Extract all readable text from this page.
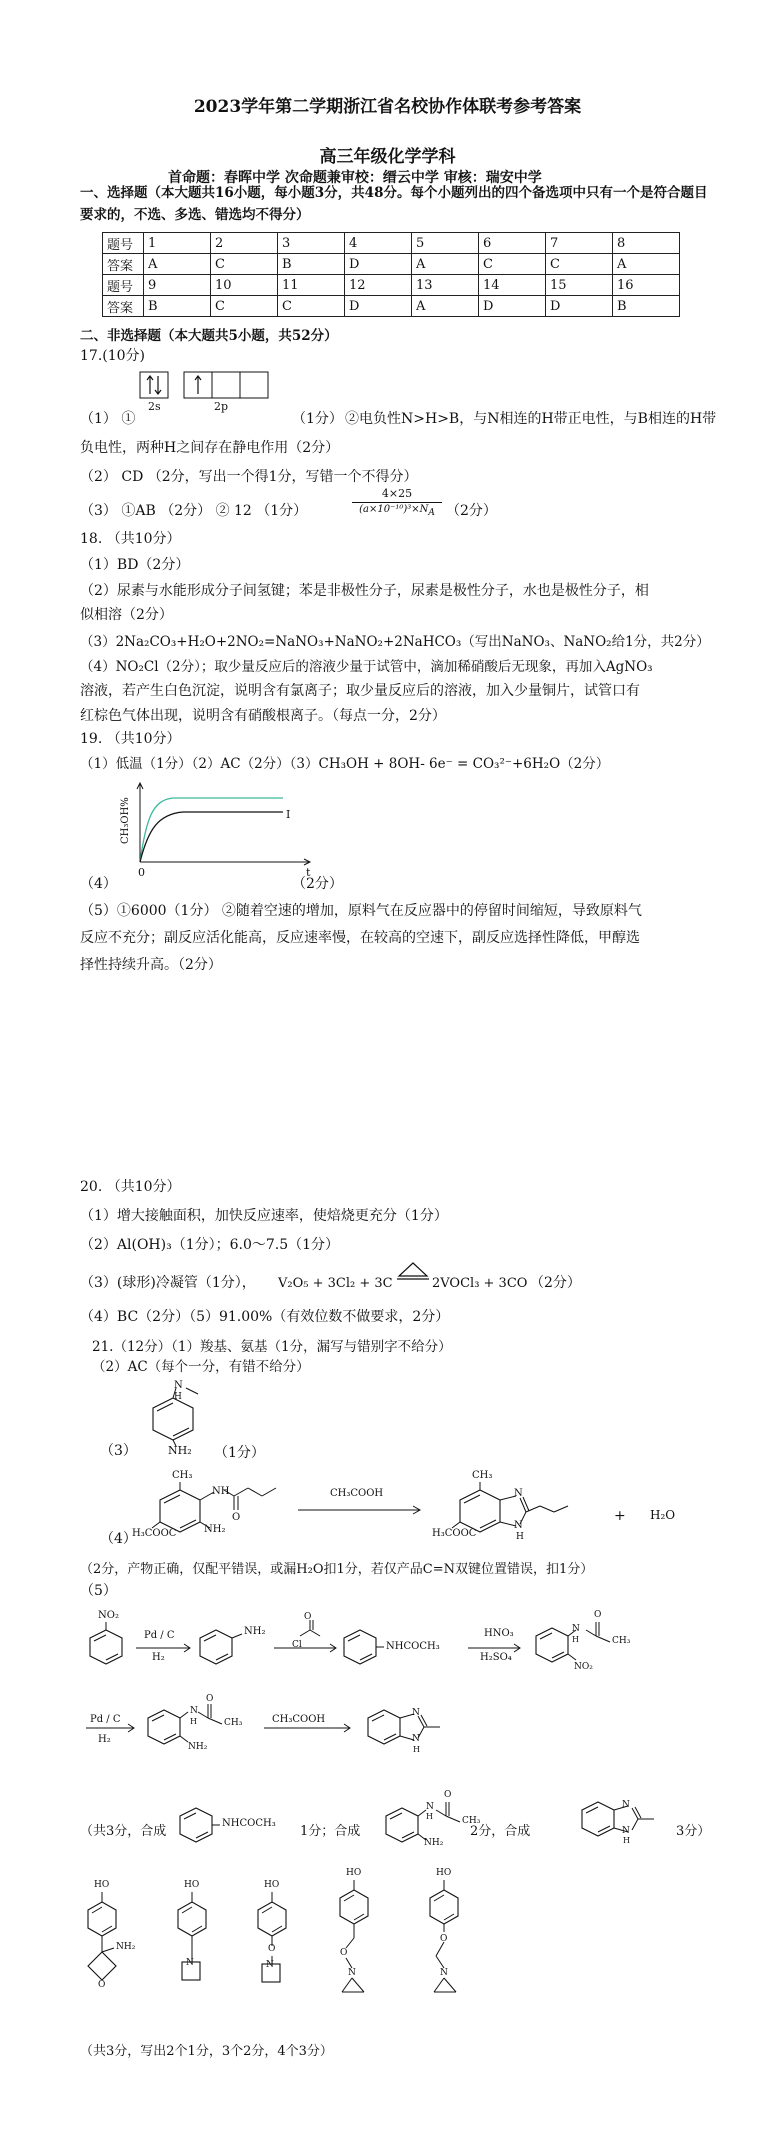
2023学年第二学期浙江省名校协作体联考参考答案
高三年级化学学科
首命题：春晖中学 次命题兼审校：缙云中学 审核：瑞安中学
一、选择题（本大题共16小题，每小题3分，共48分。每个小题列出的四个备选项中只有一个是符合题目要求的，不选、多选、错选均不得分）
题号	1	2	3	4	5	6	7	8
答案	A	C	B	D	A	C	C	A
题号	9	10	11	12	13	14	15	16
答案	B	C	C	D	A	D	D	B
二、非选择题（本大题共5小题，共52分）
17.(10分)
2s	2p
（1） ①	（1分） ②电负性N>H>B，与N相连的H带正电性，与B相连的H带
负电性，两种H之间存在静电作用（2分）
（2） CD （2分，写出一个得1分，写错一个不得分）
（3） ①AB （2分） ② 12 （1分）
4×25
$(a\times 10^{-10})^3\times N_A$ （2分）
18. （共10分）
（1）BD（2分）
（2）尿素与水能形成分子间氢键；苯是非极性分子，尿素是极性分子，水也是极性分子，相
似相溶（2分）
（3）2Na₂CO₃+H₂O+2NO₂=NaNO₃+NaNO₂+2NaHCO₃（写出NaNO₃、NaNO₂给1分，共2分）
（4）NO₂Cl（2分）；取少量反应后的溶液少量于试管中，滴加稀硝酸后无现象，再加入AgNO₃
溶液，若产生白色沉淀，说明含有氯离子；取少量反应后的溶液，加入少量铜片，试管口有
红棕色气体出现，说明含有硝酸根离子。（每点一分，2分）
19. （共10分）
（1）低温（1分）（2）AC（2分）（3）CH₃OH + 8OH- 6e⁻ = CO₃²⁻+6H₂O（2分）
CH₃OH%	I
0	t
（4）	（2分）
（5）①6000（1分） ②随着空速的增加，原料气在反应器中的停留时间缩短，导致原料气
反应不充分；副反应活化能高，反应速率慢，在较高的空速下，副反应选择性降低，甲醇选
择性持续升高。（2分）
20. （共10分）
（1）增大接触面积，加快反应速率，使焙烧更充分（1分）
（2）Al(OH)₃（1分）；6.0～7.5（1分）
（3）(球形)冷凝管（1分）， V₂O₅ + 3Cl₂ + 3C	2VOCl₃ + 3CO （2分）
（4）BC（2分）（5）91.00%（有效位数不做要求，2分）
21.（12分）（1）羧基、氨基（1分，漏写与错别字不给分）
（2）AC（每个一分，有错不给分）
（3）
N
H
NH₂ （1分）
（4）
CH₃
NH
O
NH₂
H₃COOC
CH₃COOH
CH₃
N
N
H
H₃COOC
+ H₂O
（2分，产物正确，仅配平错误，或漏H₂O扣1分，若仅产品C=N双键位置错误，扣1分）
（5）
NO₂
Pd / C
H₂
NH₂
O
Cl	NHCOCH₃
HNO₃
H₂SO₄
N
H
O
CH₃
NO₂
Pd / C
H₂
N
H
O
CH₃
NH₂
CH₃COOH
N
N
H
（共3分，合成
NHCOCH₃
1分；合成
O
N
H	CH₃
NH₂
2分，合成
N
N
H
3分）
HO
NH₂
O
HO
N
HO
O
N
HO
O
N
HO
O
N
（共3分，写出2个1分，3个2分，4个3分）
